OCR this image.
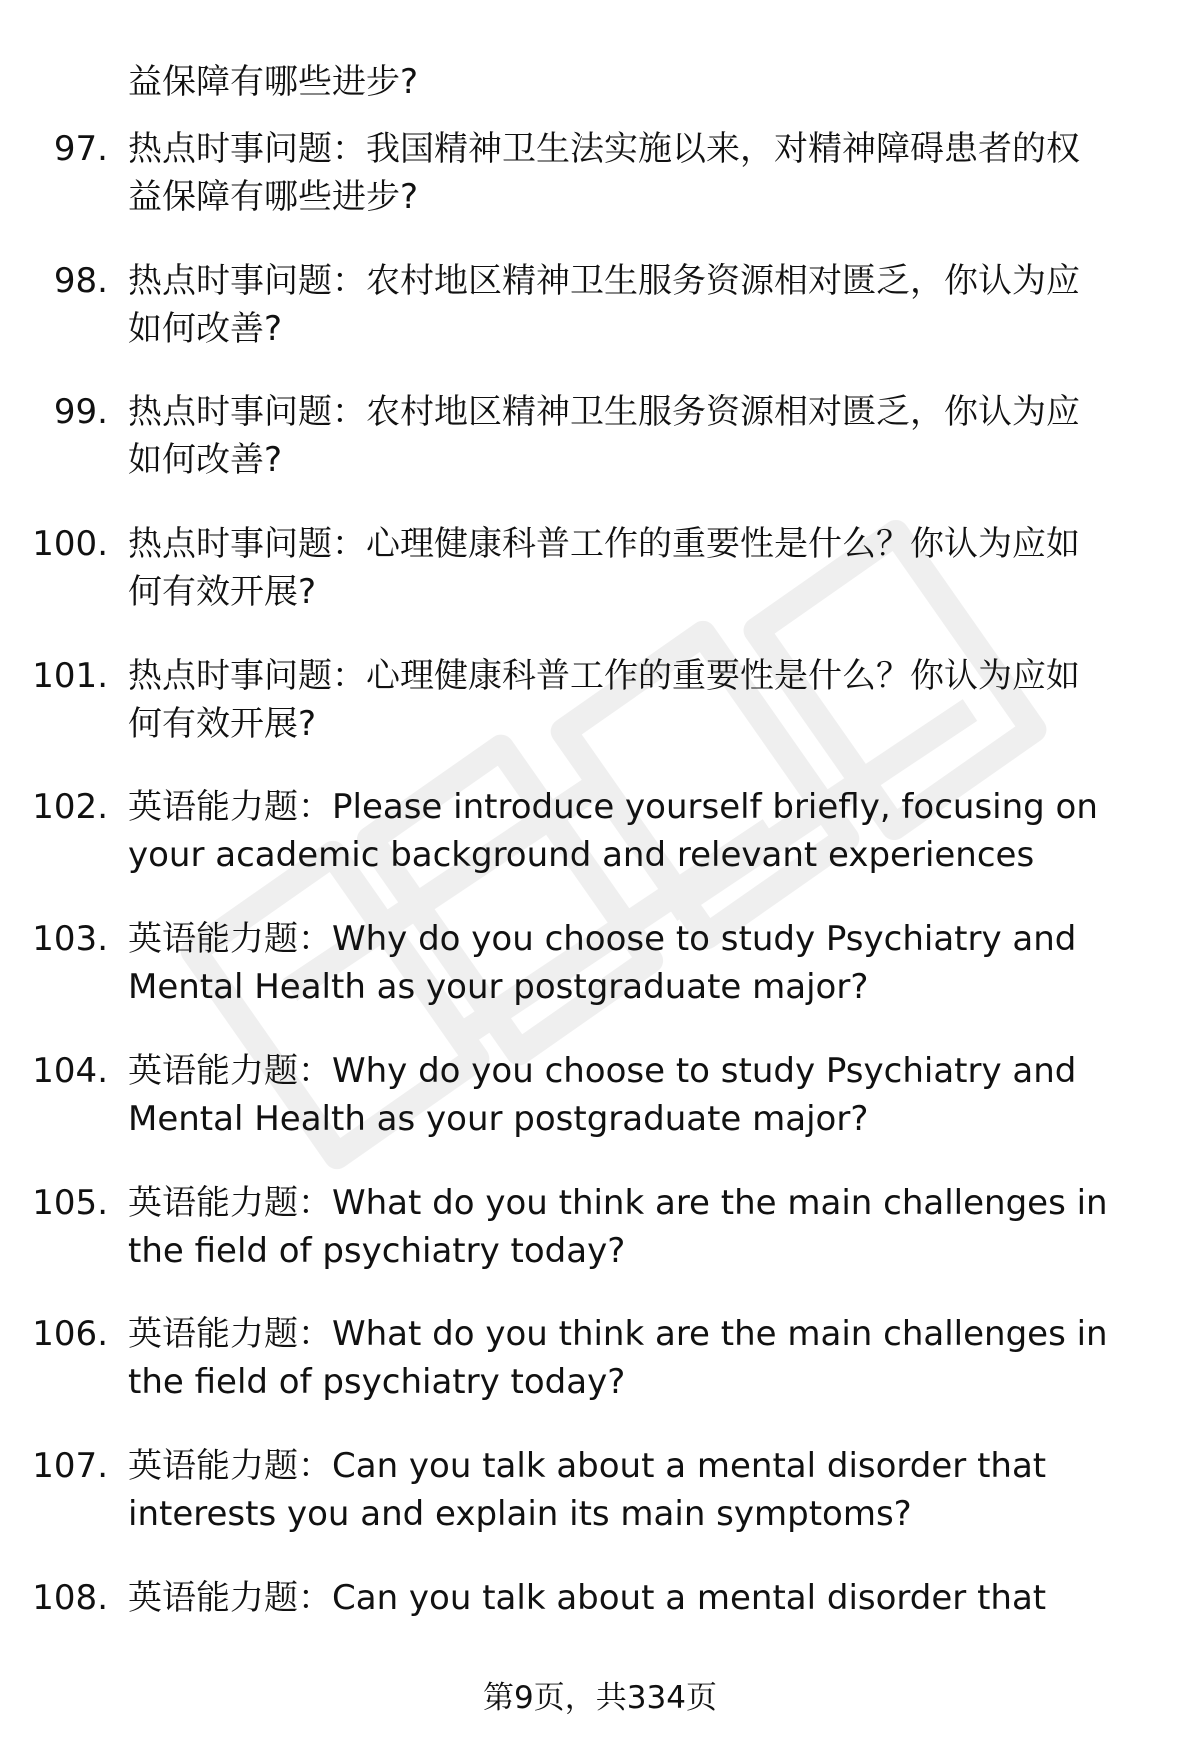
益保障有哪些进步?
97. 热点时事问题：我国精神卫生法实施以来，对精神障碍患者的权
益保障有哪些进步?
98. 热点时事问题：农村地区精神卫生服务资源相对匮乏，你认为应
如何改善?
99. 热点时事问题：农村地区精神卫生服务资源相对匮乏，你认为应
如何改善?
100. 热点时事问题：心理健康科普工作的重要性是什么？你认为应如
何有效开展?
101. 热点时事问题：心理健康科普工作的重要性是什么？你认为应如
何有效开展?
102. 英语能力题：Please introduce yourself briefly, focusing on
your academic background and relevant experiences
103. 英语能力题：Why do you choose to study Psychiatry and
Mental Health as your postgraduate major?
104. 英语能力题：Why do you choose to study Psychiatry and
Mental Health as your postgraduate major?
105. 英语能力题：What do you think are the main challenges in
the field of psychiatry today?
106. 英语能力题：What do you think are the main challenges in
the field of psychiatry today?
107. 英语能力题：Can you talk about a mental disorder that
interests you and explain its main symptoms?
108. 英语能力题：Can you talk about a mental disorder that
第9页，共334页
